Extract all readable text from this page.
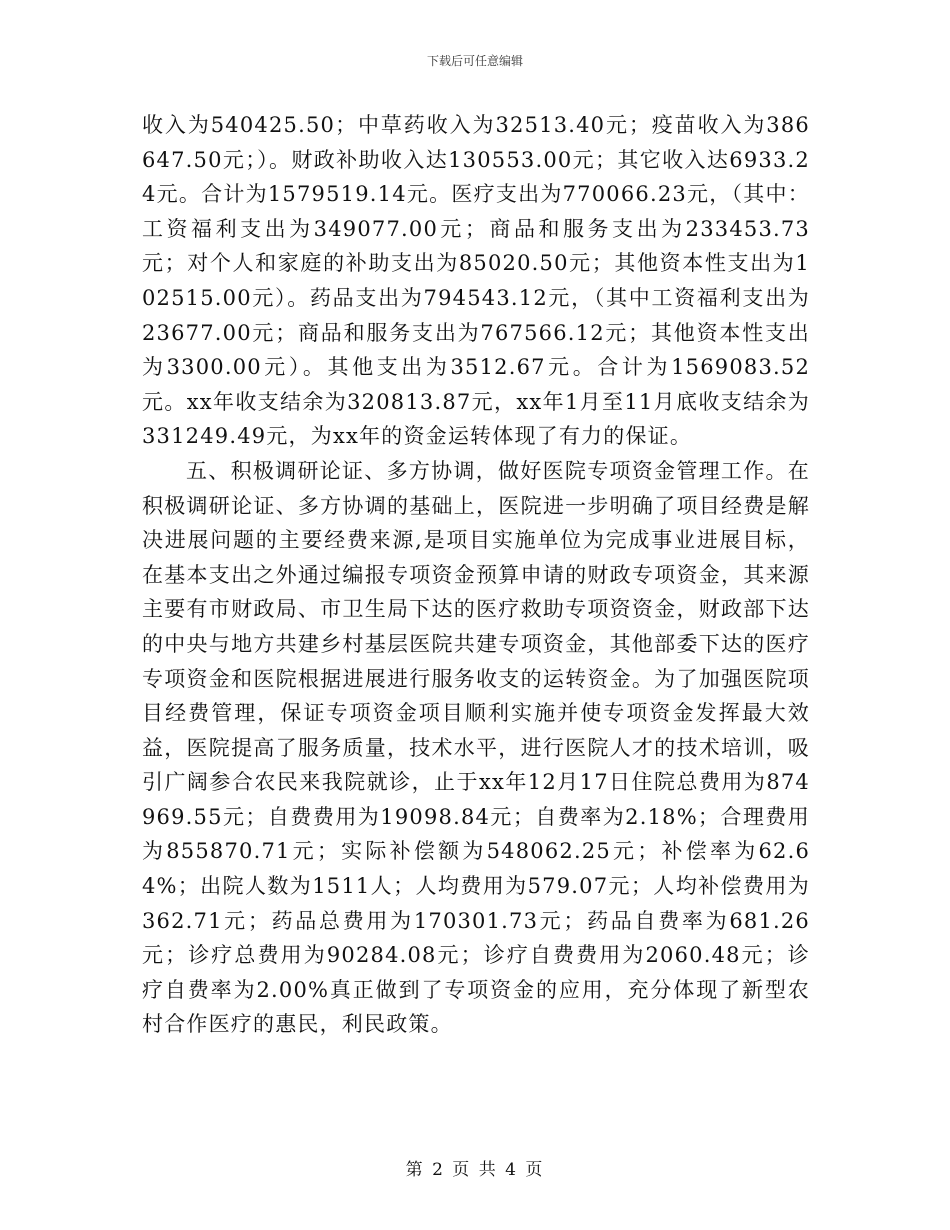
下载后可任意编辑

收入为540425.50；中草药收入为32513.40元；疫苗收入为386647.50元；）。财政补助收入达130553.00元；其它收入达6933.24元。合计为1579519.14元。医疗支出为770066.23元，（其中：工资福利支出为349077.00元；商品和服务支出为233453.73元；对个人和家庭的补助支出为85020.50元；其他资本性支出为102515.00元）。药品支出为794543.12元，（其中工资福利支出为23677.00元；商品和服务支出为767566.12元；其他资本性支出为3300.00元）。其他支出为3512.67元。合计为1569083.52元。xx年收支结余为320813.87元，xx年1月至11月底收支结余为331249.49元，为xx年的资金运转体现了有力的保证。

五、积极调研论证、多方协调，做好医院专项资金管理工作。在积极调研论证、多方协调的基础上，医院进一步明确了项目经费是解决进展问题的主要经费来源,是项目实施单位为完成事业进展目标，在基本支出之外通过编报专项资金预算申请的财政专项资金，其来源主要有市财政局、市卫生局下达的医疗救助专项资资金，财政部下达的中央与地方共建乡村基层医院共建专项资金，其他部委下达的医疗专项资金和医院根据进展进行服务收支的运转资金。为了加强医院项目经费管理，保证专项资金项目顺利实施并使专项资金发挥最大效益，医院提高了服务质量，技术水平，进行医院人才的技术培训，吸引广阔参合农民来我院就诊，止于xx年12月17日住院总费用为874969.55元；自费费用为19098.84元；自费率为2.18%；合理费用为855870.71元；实际补偿额为548062.25元；补偿率为62.64%；出院人数为1511人；人均费用为579.07元；人均补偿费用为362.71元；药品总费用为170301.73元；药品自费率为681.26元；诊疗总费用为90284.08元；诊疗自费费用为2060.48元；诊疗自费率为2.00%真正做到了专项资金的应用，充分体现了新型农村合作医疗的惠民，利民政策。

第 2 页 共 4 页
